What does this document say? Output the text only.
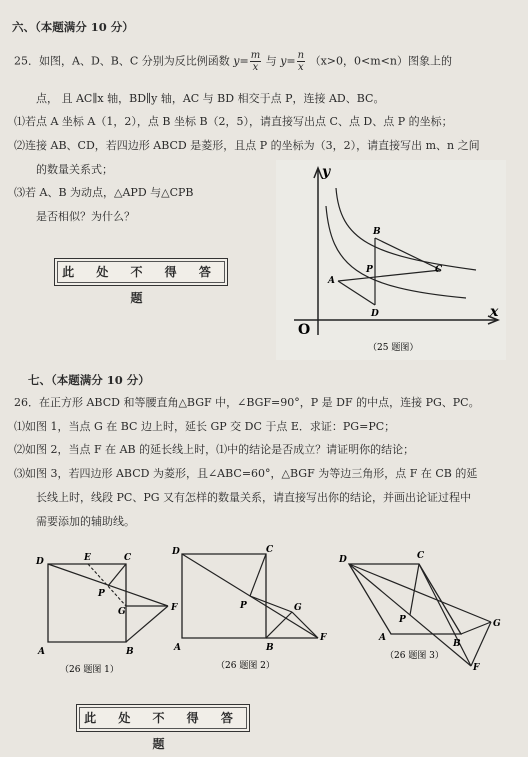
六、（本题满分 10 分）
25．如图，A、D、B、C 分别为反比例函数 $y= \frac{m}{x}$ 与 $y= \frac{n}{x} (x>0$，0<m<n）图象上的
点， 且 AC∥x 轴，BD∥y 轴，AC 与 BD 相交于点 P，连接 AD、BC。
⑴若点 A 坐标 A（1，2），点 B 坐标 B（2，5），请直接写出点 C、点 D、点 P 的坐标；
⑵连接 AB、CD，若四边形 ABCD 是菱形，且点 P 的坐标为（3，2），请直接写出 m、n 之间
的数量关系式；
⑶若 A、B 为动点，△APD 与△CPB
是否相似？为什么？
此 处 不 得 答 题
y
x
O
A
B
C
D
P
（25 题图）
七、（本题满分 10 分）
26．在正方形 ABCD 和等腰直角△BGF 中，∠BGF=90°，P 是 DF 的中点，连接 PG、PC。
⑴如图 1，当点 G 在 BC 边上时，延长 GP 交 DC 于点 E．求证：PG=PC；
⑵如图 2，当点 F 在 AB 的延长线上时，⑴中的结论是否成立？请证明你的结论；
⑶如图 3，若四边形 ABCD 为菱形，且∠ABC=60°，△BGF 为等边三角形，点 F 在 CB 的延
长线上时，线段 PC、PG 又有怎样的数量关系，请直接写出你的结论，并画出论证过程中
需要添加的辅助线。
D	E	C
P
G	F
A	B
（26 题图 1）
D	C
P	G
F
A	B
（26 题图 2）
D	C
P	G
F
A
B
（26 题图 3）
此 处 不 得 答 题
